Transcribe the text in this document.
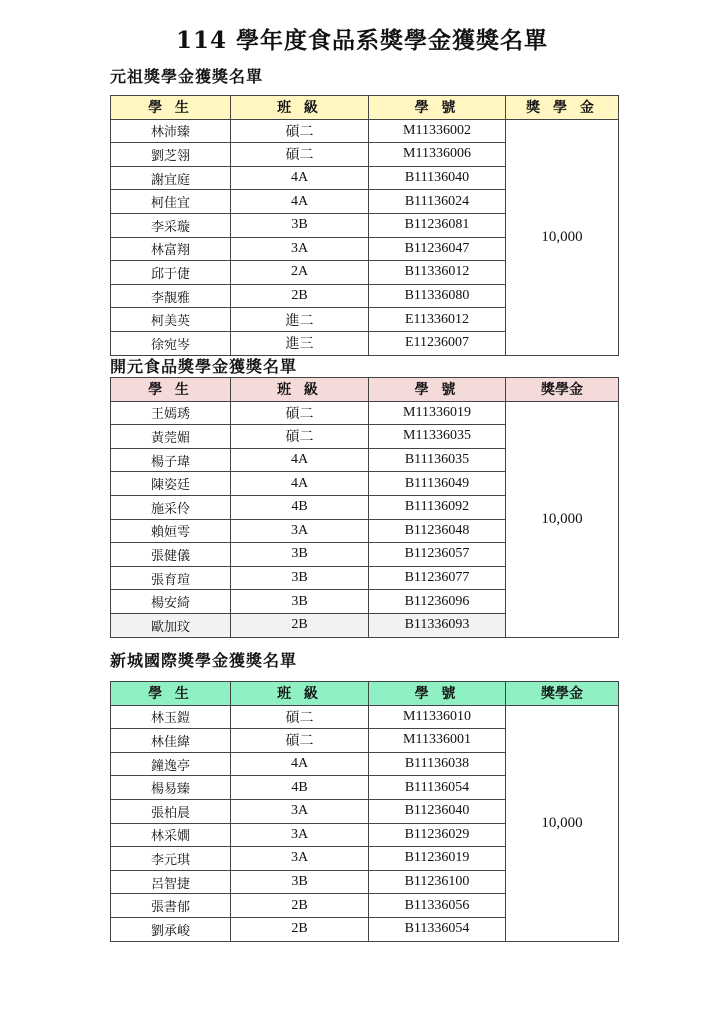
114 學年度食品系獎學金獲獎名單
元祖獎學金獲獎名單
學 生	班 級	學 號	獎 學 金
林沛臻	碩二	M11336002	10,000
劉芝翎	碩二	M11336006	
謝宜庭	4A	B11136040	
柯佳宜	4A	B11136024	
李采璇	3B	B11236081	
林富翔	3A	B11236047	
邱于倢	2A	B11336012	
李靚雅	2B	B11336080	
柯美英	進二	E11336012	
徐宛岑	進三	E11236007	
開元食品獎學金獲獎名單
學 生	班 級	學 號	獎學金
王嫣琇	碩二	M11336019	10,000
黃莞媚	碩二	M11336035	
楊子瑋	4A	B11136035	
陳姿廷	4A	B11136049	
施采伶	4B	B11136092	
賴姮雩	3A	B11236048	
張健儀	3B	B11236057	
張育瑄	3B	B11236077	
楊安綺	3B	B11236096	
歐加玟	2B	B11336093	
新城國際獎學金獲獎名單
學 生	班 級	學 號	獎學金
林玉鎧	碩二	M11336010	10,000
林佳緯	碩二	M11336001	
鐘逸亭	4A	B11136038	
楊易臻	4B	B11136054	
張柏晨	3A	B11236040	
林采嫺	3A	B11236029	
李元琪	3A	B11236019	
呂智捷	3B	B11236100	
張書郁	2B	B11336056	
劉承峻	2B	B11336054	
